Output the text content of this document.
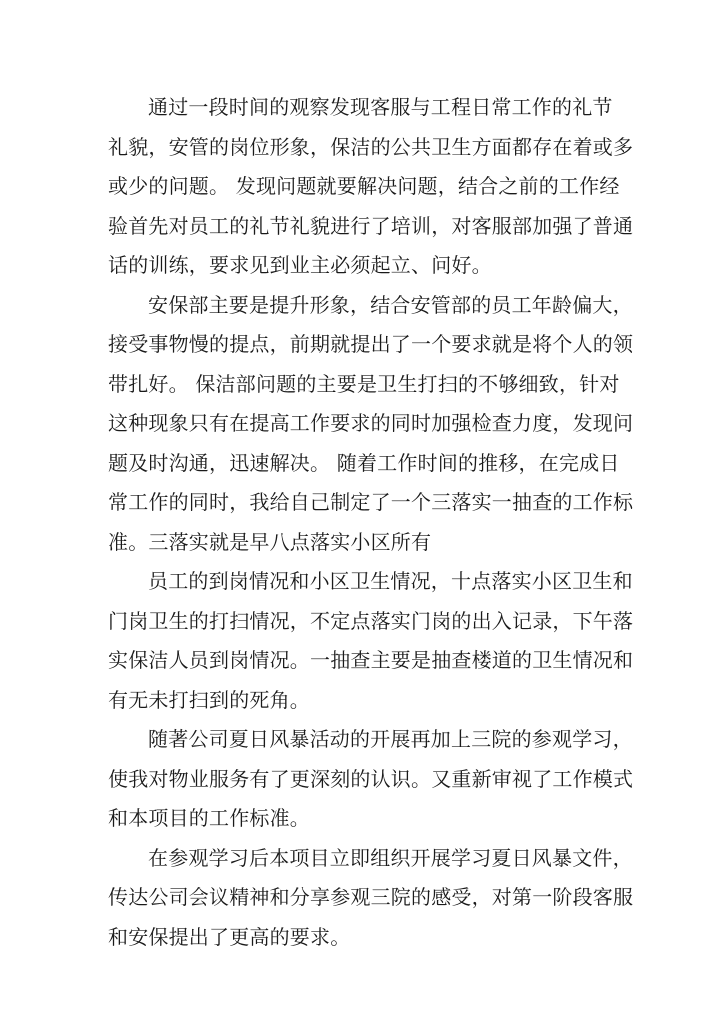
通过一段时间的观察发现客服与工程日常工作的礼节
礼貌，安管的岗位形象，保洁的公共卫生方面都存在着或多
或少的问题。 发现问题就要解决问题，结合之前的工作经
验首先对员工的礼节礼貌进行了培训，对客服部加强了普通
话的训练，要求见到业主必须起立、问好。

安保部主要是提升形象，结合安管部的员工年龄偏大，
接受事物慢的提点，前期就提出了一个要求就是将个人的领
带扎好。 保洁部问题的主要是卫生打扫的不够细致，针对
这种现象只有在提高工作要求的同时加强检查力度，发现问
题及时沟通，迅速解决。 随着工作时间的推移，在完成日
常工作的同时，我给自己制定了一个三落实一抽查的工作标
准。三落实就是早八点落实小区所有

员工的到岗情况和小区卫生情况，十点落实小区卫生和
门岗卫生的打扫情况，不定点落实门岗的出入记录，下午落
实保洁人员到岗情况。一抽查主要是抽查楼道的卫生情况和
有无未打扫到的死角。

随著公司夏日风暴活动的开展再加上三院的参观学习，
使我对物业服务有了更深刻的认识。又重新审视了工作模式
和本项目的工作标准。

在参观学习后本项目立即组织开展学习夏日风暴文件，
传达公司会议精神和分享参观三院的感受，对第一阶段客服
和安保提出了更高的要求。
